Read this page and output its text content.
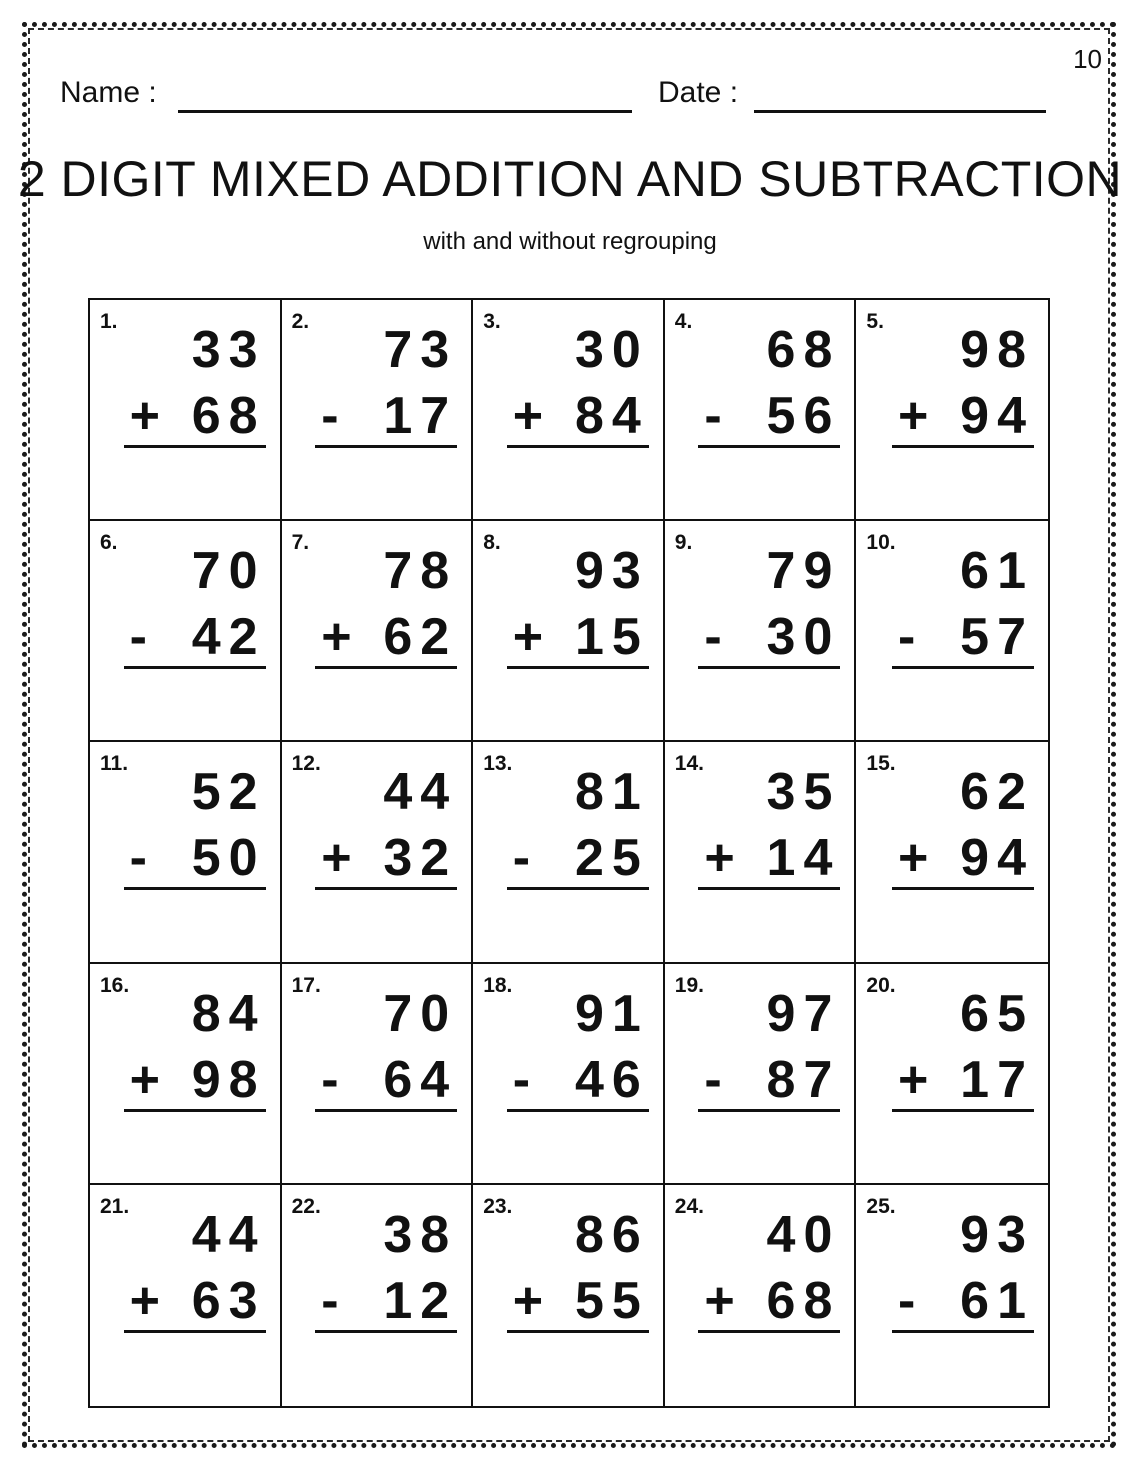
10
Name :	Date :
2 DIGIT MIXED ADDITION AND SUBTRACTION
with and without regrouping
1. 33
+ 68
2. 73
- 17
3. 30
+ 84
4. 68
- 56
5. 98
+ 94
6. 70
- 42
7. 78
+ 62
8. 93
+ 15
9. 79
- 30
10. 61
- 57
11. 52
- 50
12. 44
+ 32
13. 81
- 25
14. 35
+ 14
15. 62
+ 94
16. 84
+ 98
17. 70
- 64
18. 91
- 46
19. 97
- 87
20. 65
+ 17
21. 44
+ 63
22. 38
- 12
23. 86
+ 55
24. 40
+ 68
25. 93
- 61
